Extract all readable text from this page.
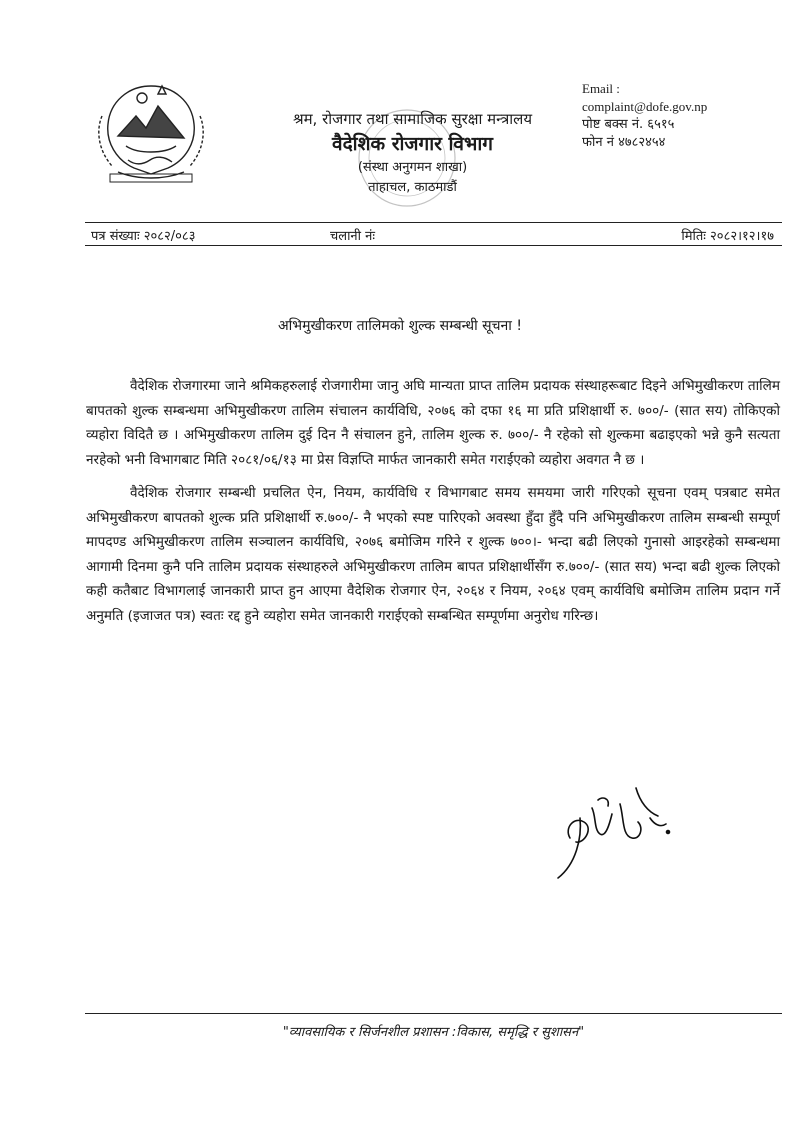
श्रम, रोजगार तथा सामाजिक सुरक्षा मन्त्रालय
वैदेशिक रोजगार विभाग
(संस्था अनुगमन शाखा)
ताहाचल, काठमाडौं
Email :
complaint@dofe.gov.np
पोष्ट बक्स नं. ६५१५
फोन नं ४७८२४५४
पत्र संख्याः २०८२/०८३	चलानी नंः	मितिः २०८२।१२।१७
अभिमुखीकरण तालिमको शुल्क सम्बन्धी सूचना !

वैदेशिक रोजगारमा जाने श्रमिकहरुलाई रोजगारीमा जानु अघि मान्यता प्राप्त तालिम प्रदायक संस्थाहरूबाट दिइने अभिमुखीकरण तालिम बापतको शुल्क सम्बन्धमा अभिमुखीकरण तालिम संचालन कार्यविधि, २०७६ को दफा १६ मा प्रति प्रशिक्षार्थी रु. ७००/- (सात सय) तोकिएको व्यहोरा विदितै छ । अभिमुखीकरण तालिम दुई दिन नै संचालन हुने, तालिम शुल्क रु. ७००/- नै रहेको सो शुल्कमा बढाइएको भन्ने कुनै सत्यता नरहेको भनी विभागबाट मिति २०८१/०६/१३ मा प्रेस विज्ञप्ति मार्फत जानकारी समेत गराईएको व्यहोरा अवगत नै छ ।

वैदेशिक रोजगार सम्बन्धी प्रचलित ऐन, नियम, कार्यविधि र विभागबाट समय समयमा जारी गरिएको सूचना एवम् पत्रबाट समेत अभिमुखीकरण बापतको शुल्क प्रति प्रशिक्षार्थी रु.७००/- नै भएको स्पष्ट पारिएको अवस्था हुँदा हुँदै पनि अभिमुखीकरण तालिम सम्बन्धी सम्पूर्ण मापदण्ड अभिमुखीकरण तालिम सञ्चालन कार्यविधि, २०७६ बमोजिम गरिने र शुल्क ७००।- भन्दा बढी लिएको गुनासो आइरहेको सम्बन्धमा आगामी दिनमा कुनै पनि तालिम प्रदायक संस्थाहरुले अभिमुखीकरण तालिम बापत प्रशिक्षार्थीसँग रु.७००/- (सात सय) भन्दा बढी शुल्क लिएको कही कतैबाट विभागलाई जानकारी प्राप्त हुन आएमा वैदेशिक रोजगार ऐन, २०६४ र नियम, २०६४ एवम् कार्यविधि बमोजिम तालिम प्रदान गर्ने अनुमति (इजाजत पत्र) स्वतः रद्द हुने व्यहोरा समेत जानकारी गराईएको सम्बन्धित सम्पूर्णमा अनुरोध गरिन्छ।

"व्यावसायिक र सिर्जनशील प्रशासन :विकास, समृद्धि र सुशासन"
